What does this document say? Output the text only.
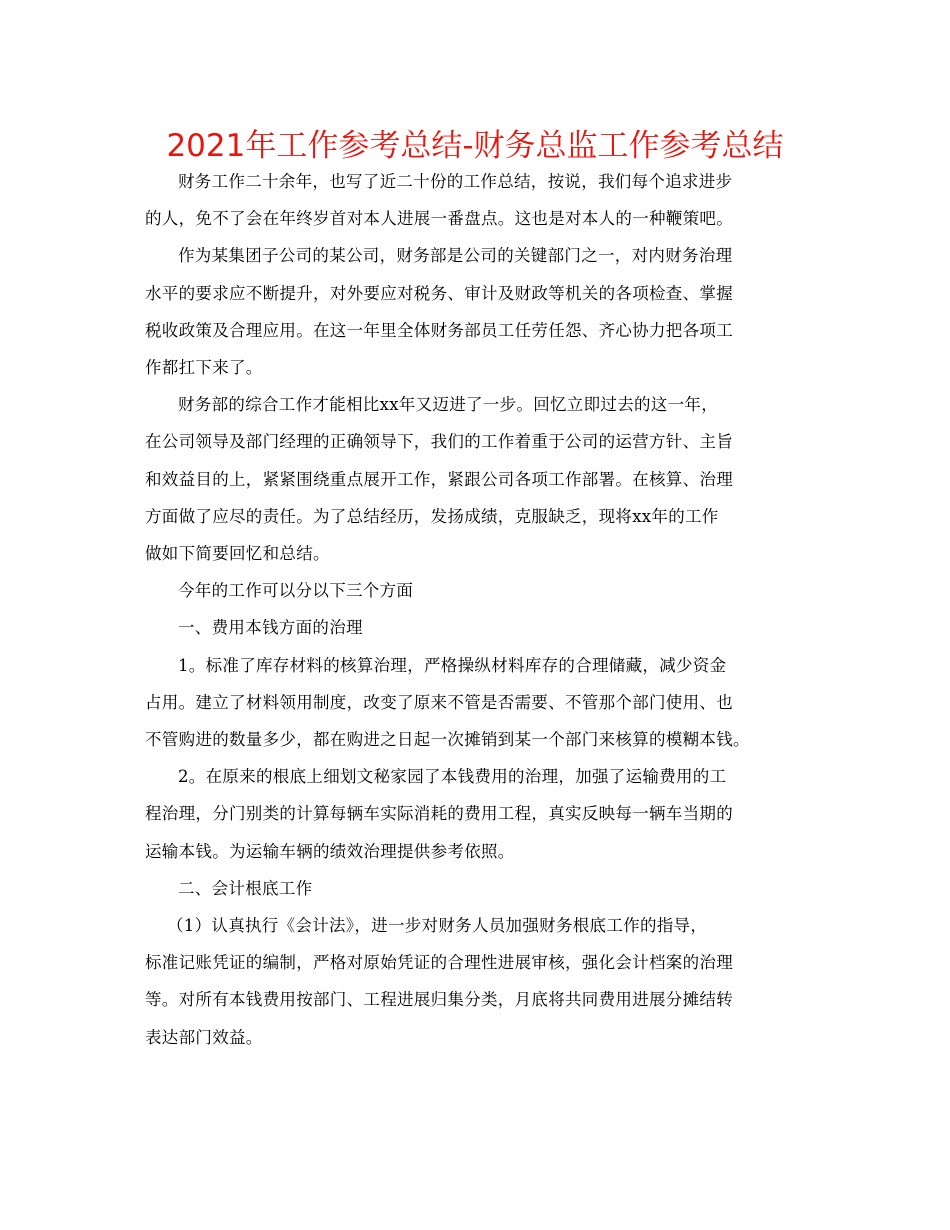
2021年工作参考总结-财务总监工作参考总结

财务工作二十余年，也写了近二十份的工作总结，按说，我们每个追求进步
的人，免不了会在年终岁首对本人进展一番盘点。这也是对本人的一种鞭策吧。

作为某集团子公司的某公司，财务部是公司的关键部门之一，对内财务治理
水平的要求应不断提升，对外要应对税务、审计及财政等机关的各项检查、掌握
税收政策及合理应用。在这一年里全体财务部员工任劳任怨、齐心协力把各项工
作都扛下来了。

财务部的综合工作才能相比xx年又迈进了一步。回忆立即过去的这一年，
在公司领导及部门经理的正确领导下，我们的工作着重于公司的运营方针、主旨
和效益目的上，紧紧围绕重点展开工作，紧跟公司各项工作部署。在核算、治理
方面做了应尽的责任。为了总结经历，发扬成绩，克服缺乏，现将xx年的工作
做如下简要回忆和总结。

今年的工作可以分以下三个方面

一、费用本钱方面的治理

1。标准了库存材料的核算治理，严格操纵材料库存的合理储藏，减少资金
占用。建立了材料领用制度，改变了原来不管是否需要、不管那个部门使用、也
不管购进的数量多少，都在购进之日起一次摊销到某一个部门来核算的模糊本钱。

2。在原来的根底上细划文秘家园了本钱费用的治理，加强了运输费用的工
程治理，分门别类的计算每辆车实际消耗的费用工程，真实反映每一辆车当期的
运输本钱。为运输车辆的绩效治理提供参考依照。

二、会计根底工作

（1）认真执行《会计法》，进一步对财务人员加强财务根底工作的指导，
标准记账凭证的编制，严格对原始凭证的合理性进展审核，强化会计档案的治理
等。对所有本钱费用按部门、工程进展归集分类，月底将共同费用进展分摊结转
表达部门效益。
